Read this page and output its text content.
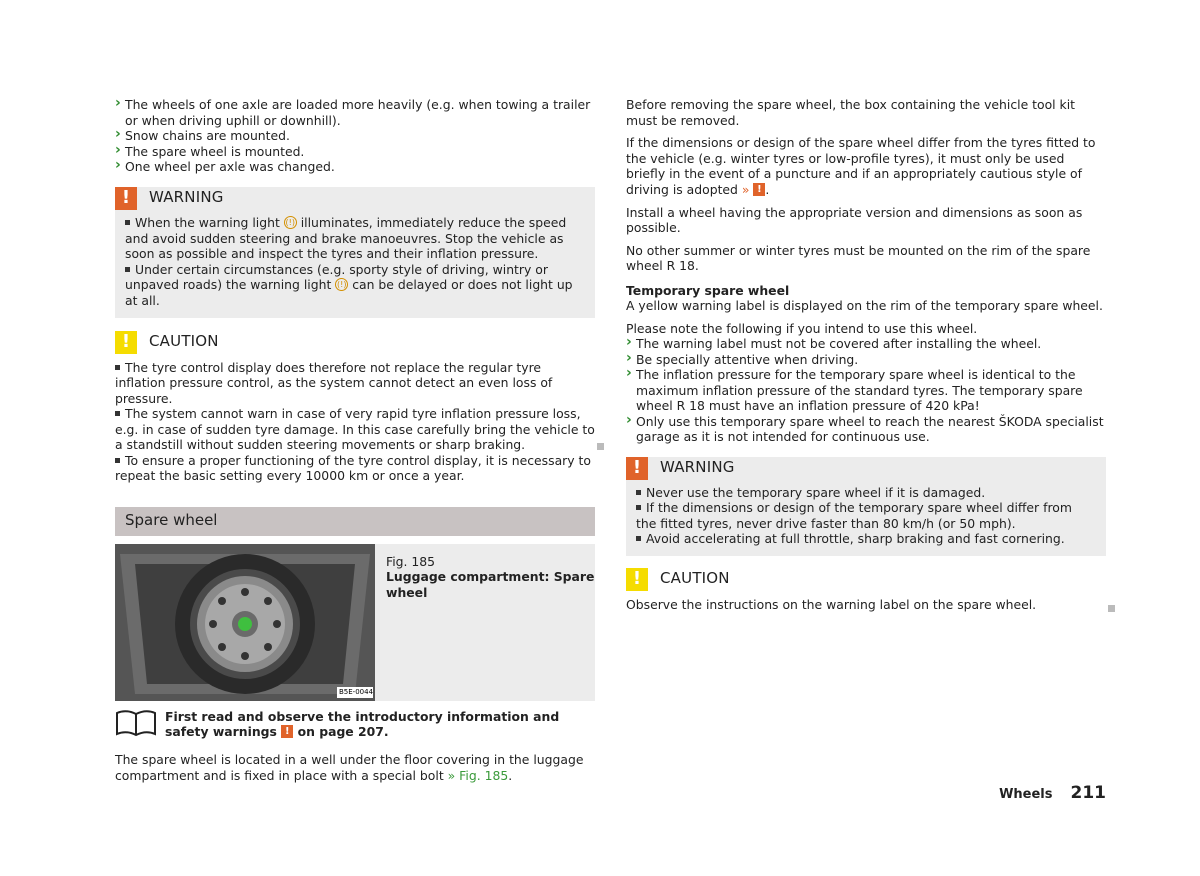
› The wheels of one axle are loaded more heavily (e.g. when towing a trailer or when driving uphill or downhill).

› Snow chains are mounted.

› The spare wheel is mounted.

› One wheel per axle was changed.

!	WARNING

When the warning light (!) illuminates, immediately reduce the speed and avoid sudden steering and brake manoeuvres. Stop the vehicle as soon as possible and inspect the tyres and their inflation pressure.

Under certain circumstances (e.g. sporty style of driving, wintry or unpaved roads) the warning light (!) can be delayed or does not light up at all.

!	CAUTION

The tyre control display does therefore not replace the regular tyre inflation pressure control, as the system cannot detect an even loss of pressure.

The system cannot warn in case of very rapid tyre inflation pressure loss, e.g. in case of sudden tyre damage. In this case carefully bring the vehicle to a standstill without sudden steering movements or sharp braking.

To ensure a proper functioning of the tyre control display, it is necessary to repeat the basic setting every 10000 km or once a year.

Spare wheel
B5E-0044

Fig. 185

Luggage compartment: Spare wheel

First read and observe the introductory information and safety warnings ! on page 207.

The spare wheel is located in a well under the floor covering in the luggage compartment and is fixed in place with a special bolt » Fig. 185.

Before removing the spare wheel, the box containing the vehicle tool kit must be removed.

If the dimensions or design of the spare wheel differ from the tyres fitted to the vehicle (e.g. winter tyres or low-profile tyres), it must only be used briefly in the event of a puncture and if an appropriately cautious style of driving is adopted » ! .

Install a wheel having the appropriate version and dimensions as soon as possible.

No other summer or winter tyres must be mounted on the rim of the spare wheel R 18.

Temporary spare wheel

A yellow warning label is displayed on the rim of the temporary spare wheel.

Please note the following if you intend to use this wheel.

› The warning label must not be covered after installing the wheel.

› Be specially attentive when driving.

› The inflation pressure for the temporary spare wheel is identical to the maximum inflation pressure of the standard tyres. The temporary spare wheel R 18 must have an inflation pressure of 420 kPa!

› Only use this temporary spare wheel to reach the nearest ŠKODA specialist garage as it is not intended for continuous use.

!	WARNING

Never use the temporary spare wheel if it is damaged.

If the dimensions or design of the temporary spare wheel differ from the fitted tyres, never drive faster than 80 km/h (or 50 mph).

Avoid accelerating at full throttle, sharp braking and fast cornering.

!	CAUTION

Observe the instructions on the warning label on the spare wheel.

Wheels 211
